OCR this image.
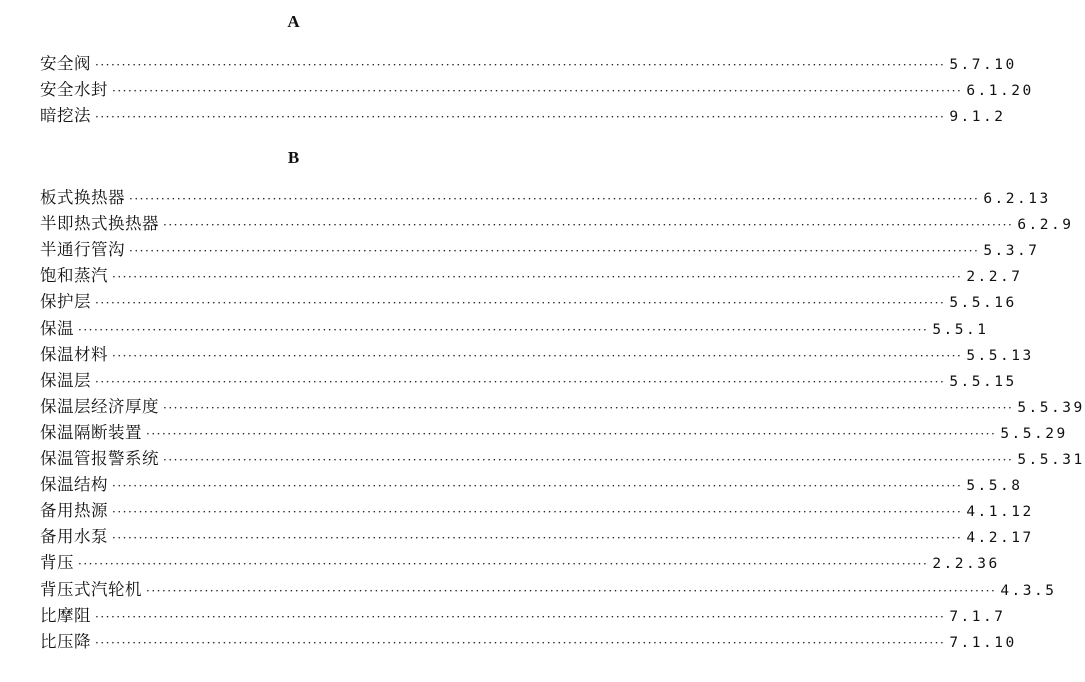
A
B
安全阀 ································································································································································ 5.7.10
安全水封 ································································································································································ 6.1.20
暗挖法 ································································································································································ 9.1.2
板式换热器 ································································································································································ 6.2.13
半即热式换热器 ································································································································································ 6.2.9
半通行管沟 ································································································································································ 5.3.7
饱和蒸汽 ································································································································································ 2.2.7
保护层 ································································································································································ 5.5.16
保温 ································································································································································ 5.5.1
保温材料 ································································································································································ 5.5.13
保温层 ································································································································································ 5.5.15
保温层经济厚度 ································································································································································ 5.5.39
保温隔断装置 ································································································································································ 5.5.29
保温管报警系统 ································································································································································ 5.5.31
保温结构 ································································································································································ 5.5.8
备用热源 ································································································································································ 4.1.12
备用水泵 ································································································································································ 4.2.17
背压 ································································································································································ 2.2.36
背压式汽轮机 ································································································································································ 4.3.5
比摩阻 ································································································································································ 7.1.7
比压降 ································································································································································ 7.1.10
